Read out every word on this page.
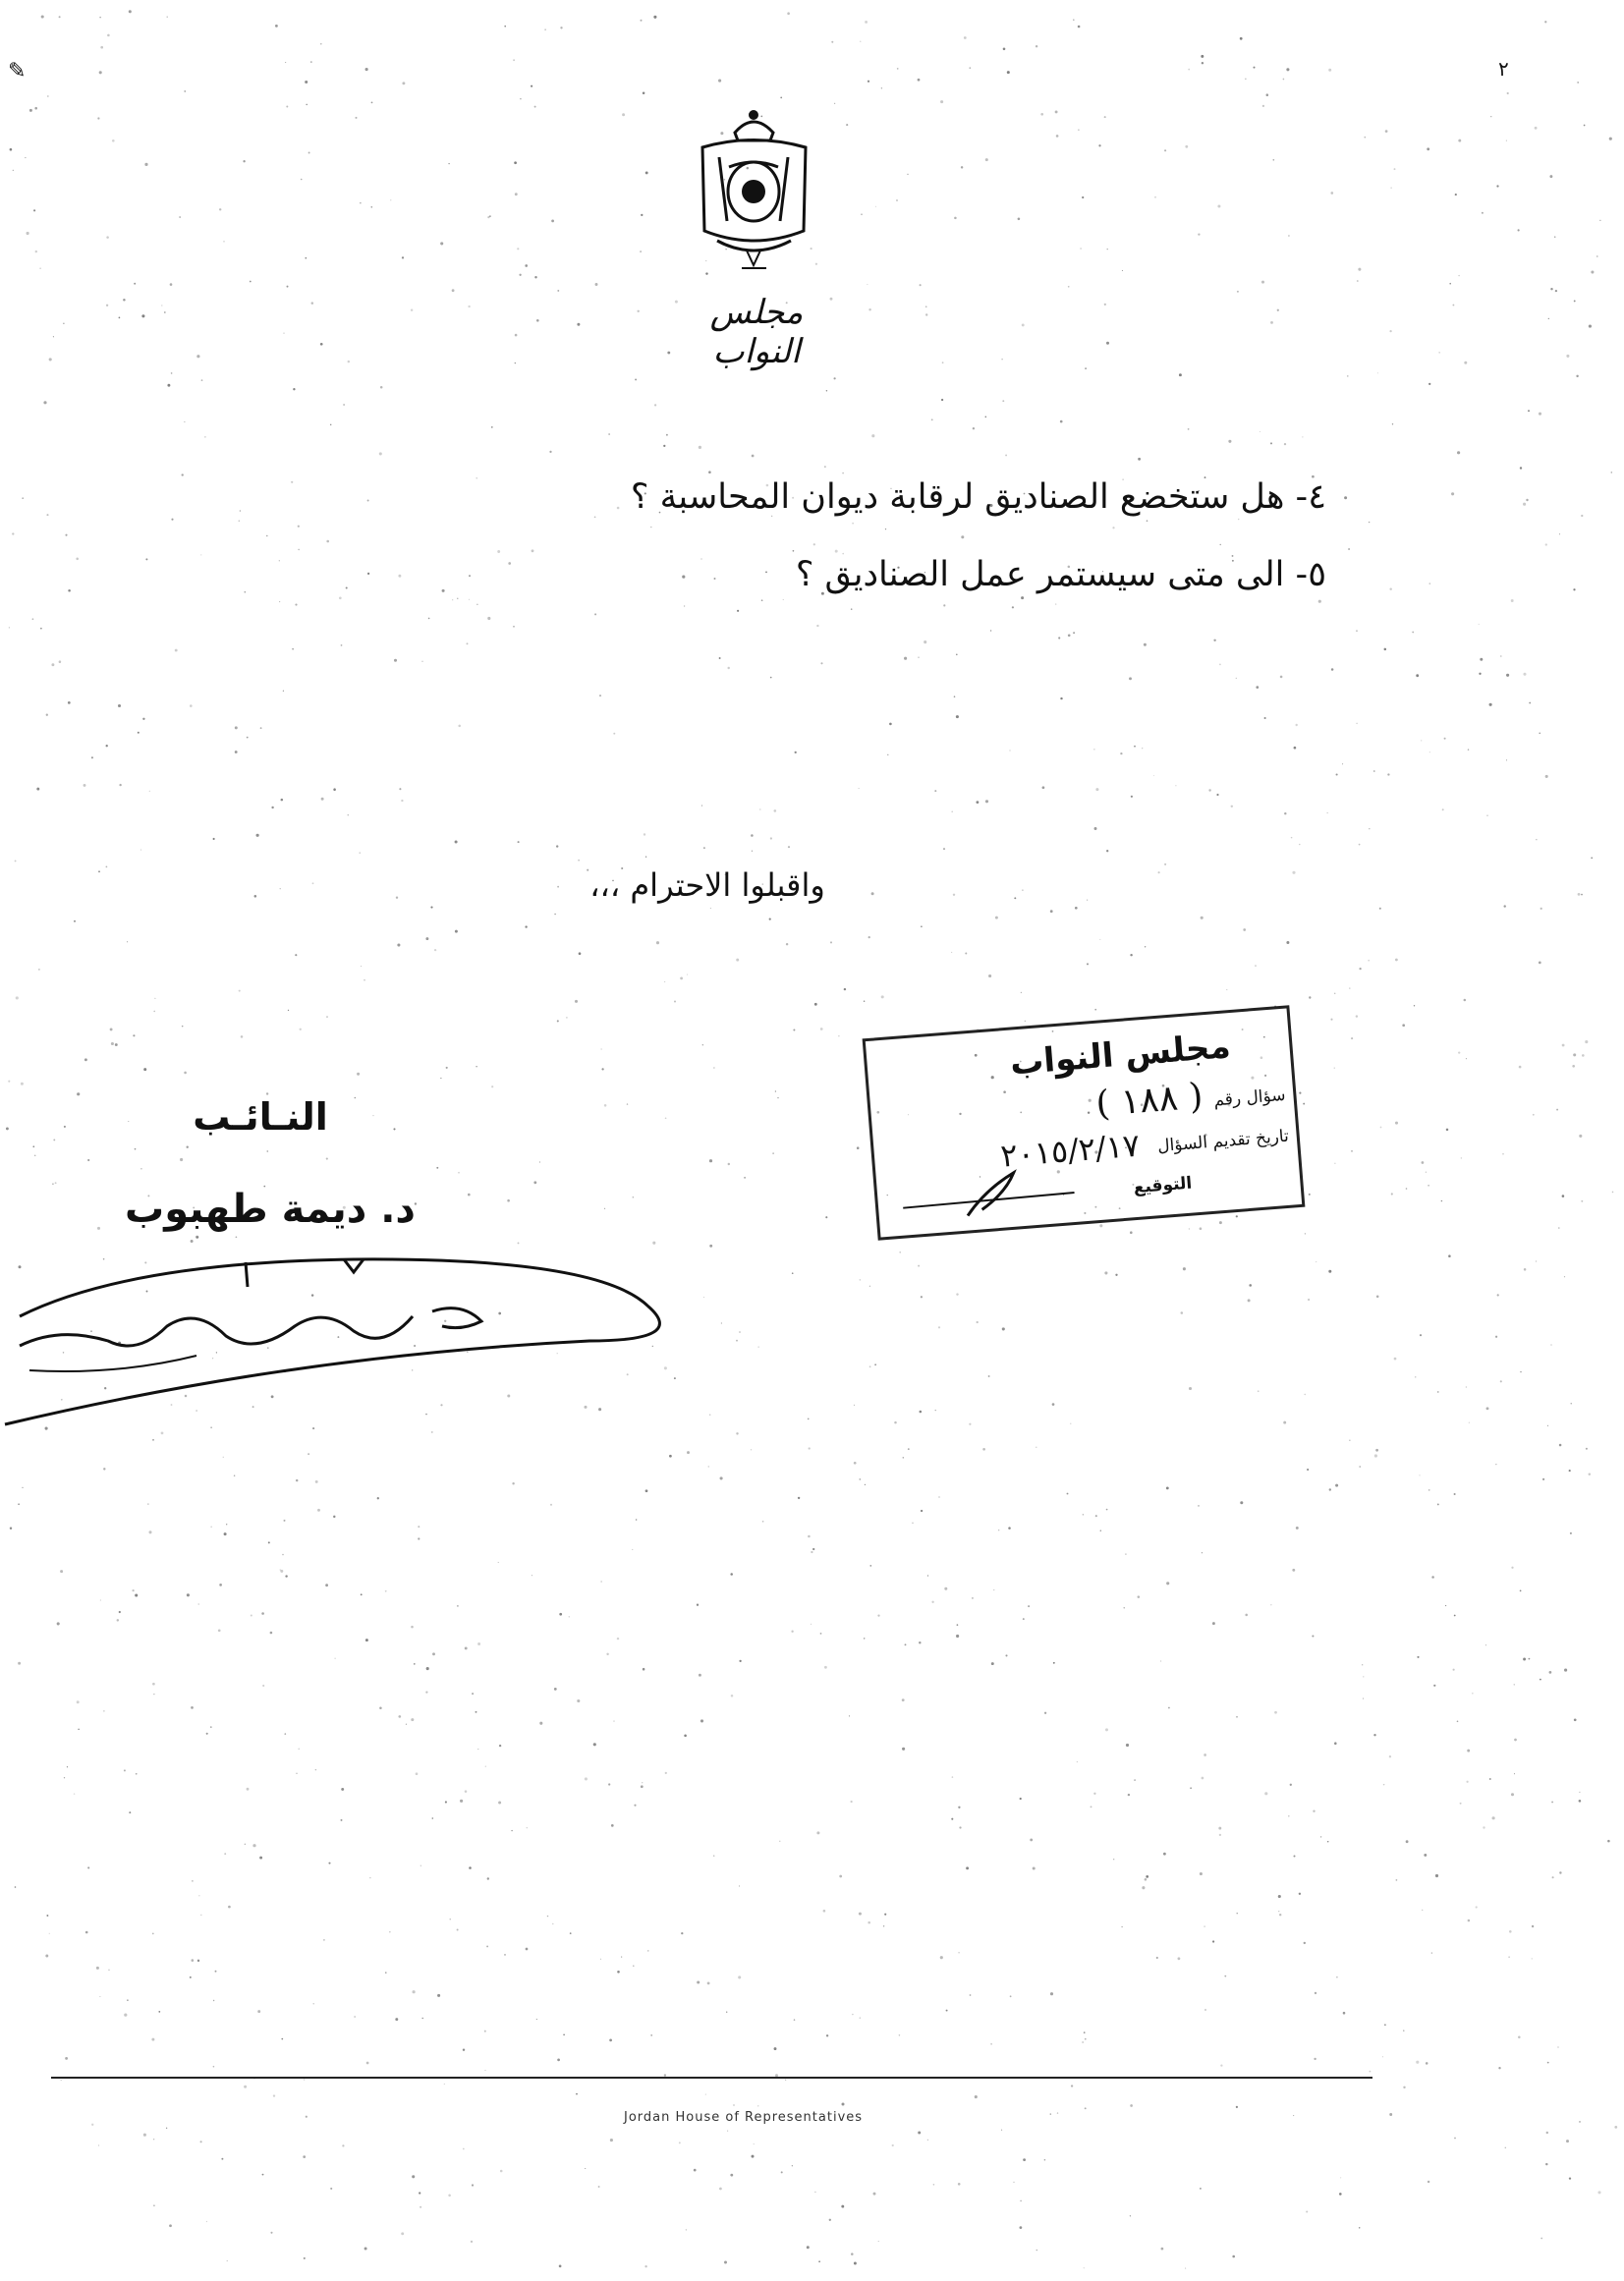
✎	٢
مجلس النواب
٤- هل ستخضع الصناديق لرقابة ديوان المحاسبة ؟
٥- الى متى سيستمر عمل الصناديق ؟
واقبلوا الاحترام ،،،
النـائـب
د. ديمة طهبوب
مجلس النواب
سؤال رقم
( ١٨٨ )
تاريخ تقديم السؤال
٢٠١٥/٢/١٧
التوقيع
Jordan House of Representatives
